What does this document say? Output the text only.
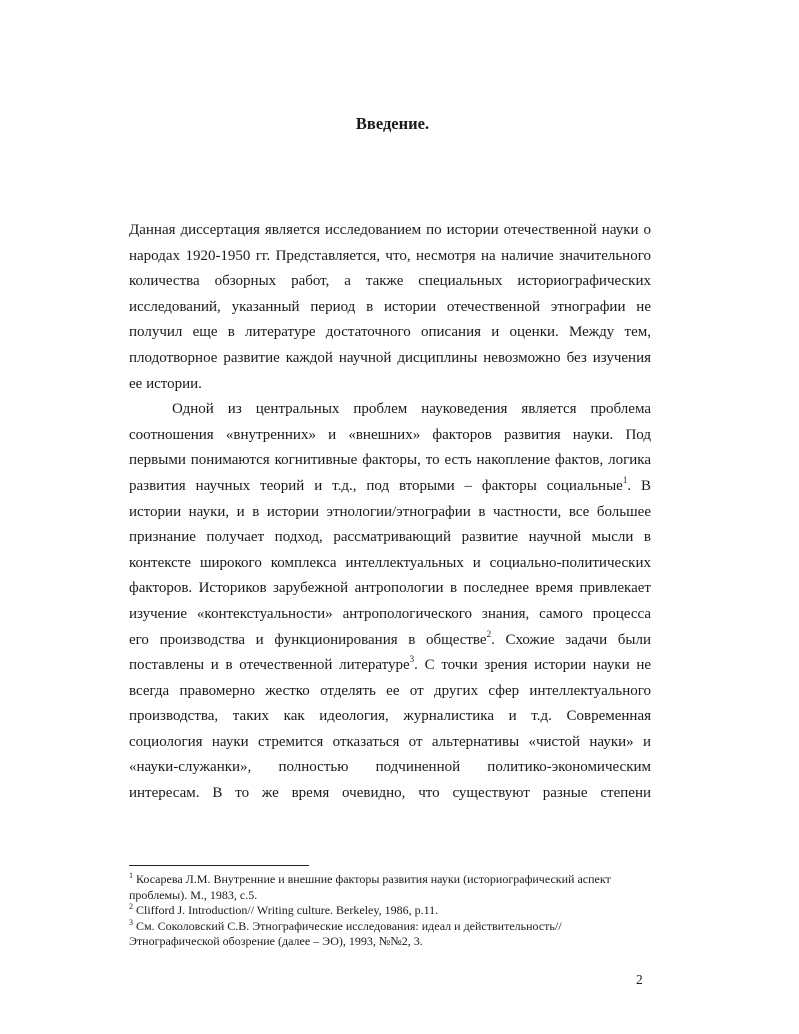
Введение.
Данная диссертация является исследованием по истории отечественной науки о
народах 1920-1950 гг. Представляется, что, несмотря на наличие значительного
количества обзорных работ, а также специальных историографических
исследований, указанный период в истории отечественной этнографии не
получил еще в литературе достаточного описания и оценки. Между тем,
плодотворное развитие каждой научной дисциплины невозможно без изучения
ее истории.
Одной из центральных проблем науковедения является проблема
соотношения «внутренних» и «внешних» факторов развития науки. Под
первыми понимаются когнитивные факторы, то есть накопление фактов, логика
развития научных теорий и т.д., под вторыми – факторы социальные$^1$. В
истории науки, и в истории этнологии/этнографии в частности, все большее
признание получает подход, рассматривающий развитие научной мысли в
контексте широкого комплекса интеллектуальных и социально-политических
факторов. Историков зарубежной антропологии в последнее время привлекает
изучение «контекстуальности» антропологического знания, самого процесса
его производства и функционирования в обществе$^2$. Схожие задачи были
поставлены и в отечественной литературе$^3$. С точки зрения истории науки не
всегда правомерно жестко отделять ее от других сфер интеллектуального
производства, таких как идеология, журналистика и т.д. Современная
социология науки стремится отказаться от альтернативы «чистой науки» и
«науки-служанки», полностью подчиненной политико-экономическим
интересам. В то же время очевидно, что существуют разные степени
$^1$ Косарева Л.М. Внутренние и внешние факторы развития науки (историографический аспект
проблемы). М., 1983, с.5.
$^2$ Clifford J. Introduction// Writing culture. Berkeley, 1986, p.11.
$^3$ См. Соколовский С.В. Этнографические исследования: идеал и действительность//
Этнографической обозрение (далее – ЭО), 1993, №№2, 3.
2
